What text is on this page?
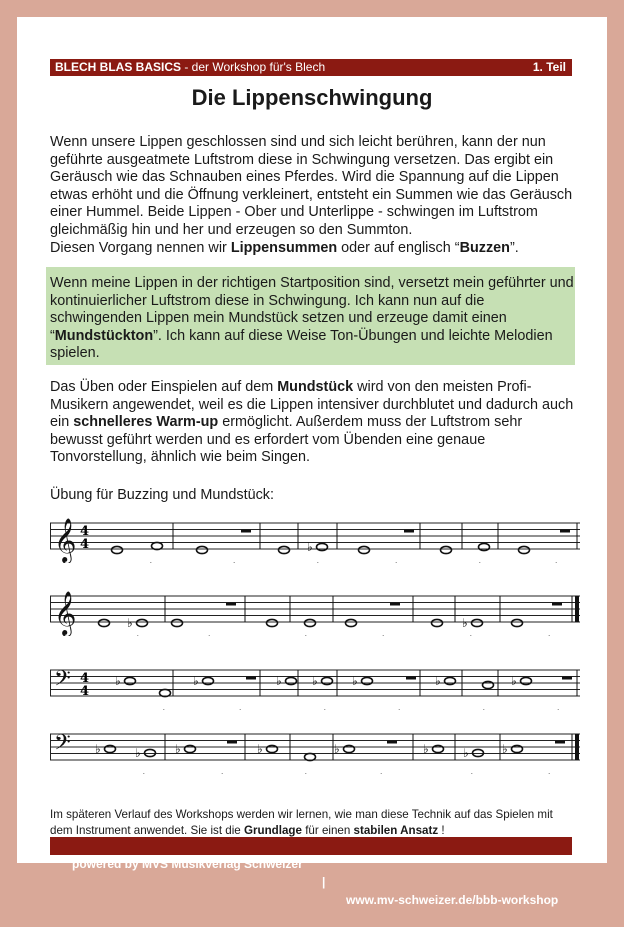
BLECH BLAS BASICS - der Workshop für's Blech	1. Teil
Die Lippenschwingung

Wenn unsere Lippen geschlossen sind und sich leicht berühren, kann der nun geführte ausgeatmete Luftstrom diese in Schwingung versetzen. Das ergibt ein Geräusch wie das Schnauben eines Pferdes. Wird die Spannung auf die Lippen etwas erhöht und die Öffnung verkleinert, entsteht ein Summen wie das Geräusch einer Hummel. Beide Lippen - Ober und Unterlippe - schwingen im Luftstrom gleichmäßig hin und her und erzeugen so den Summton.
Diesen Vorgang nennen wir Lippensummen oder auf englisch “Buzzen”.

Wenn meine Lippen in der richtigen Startposition sind, versetzt mein geführter und kontinuierlicher Luftstrom diese in Schwingung. Ich kann nun auf die schwingenden Lippen mein Mundstück setzen und erzeuge damit einen “Mundstückton”. Ich kann auf diese Weise Ton-Übungen und leichte Melodien spielen.

Das Üben oder Einspielen auf dem Mundstück wird von den meisten Profi-Musikern angewendet, weil es die Lippen intensiver durchblutet und dadurch auch ein schnelleres Warm-up ermöglicht. Außerdem muss der Luftstrom sehr bewusst geführt werden und es erfordert vom Übenden eine genaue Tonvorstellung, ähnlich wie beim Singen.

Übung für Buzzing und Mundstück:

𝄞 4
4	♭
𝄞	♭	♭
𝄢 4
4
♭	♭	♭	♭	♭	♭	♭
𝄢 ♭	♭	♭	♭	♭	♭	♭	♭

Im späteren Verlauf des Workshops werden wir lernen, wie man diese Technik auf das Spielen mit dem Instrument anwendet. Sie ist die Grundlage für einen stabilen Ansatz !

powered by MVS Musikverlag Schweizer

|

www.mv-schweizer.de/bbb-workshop
